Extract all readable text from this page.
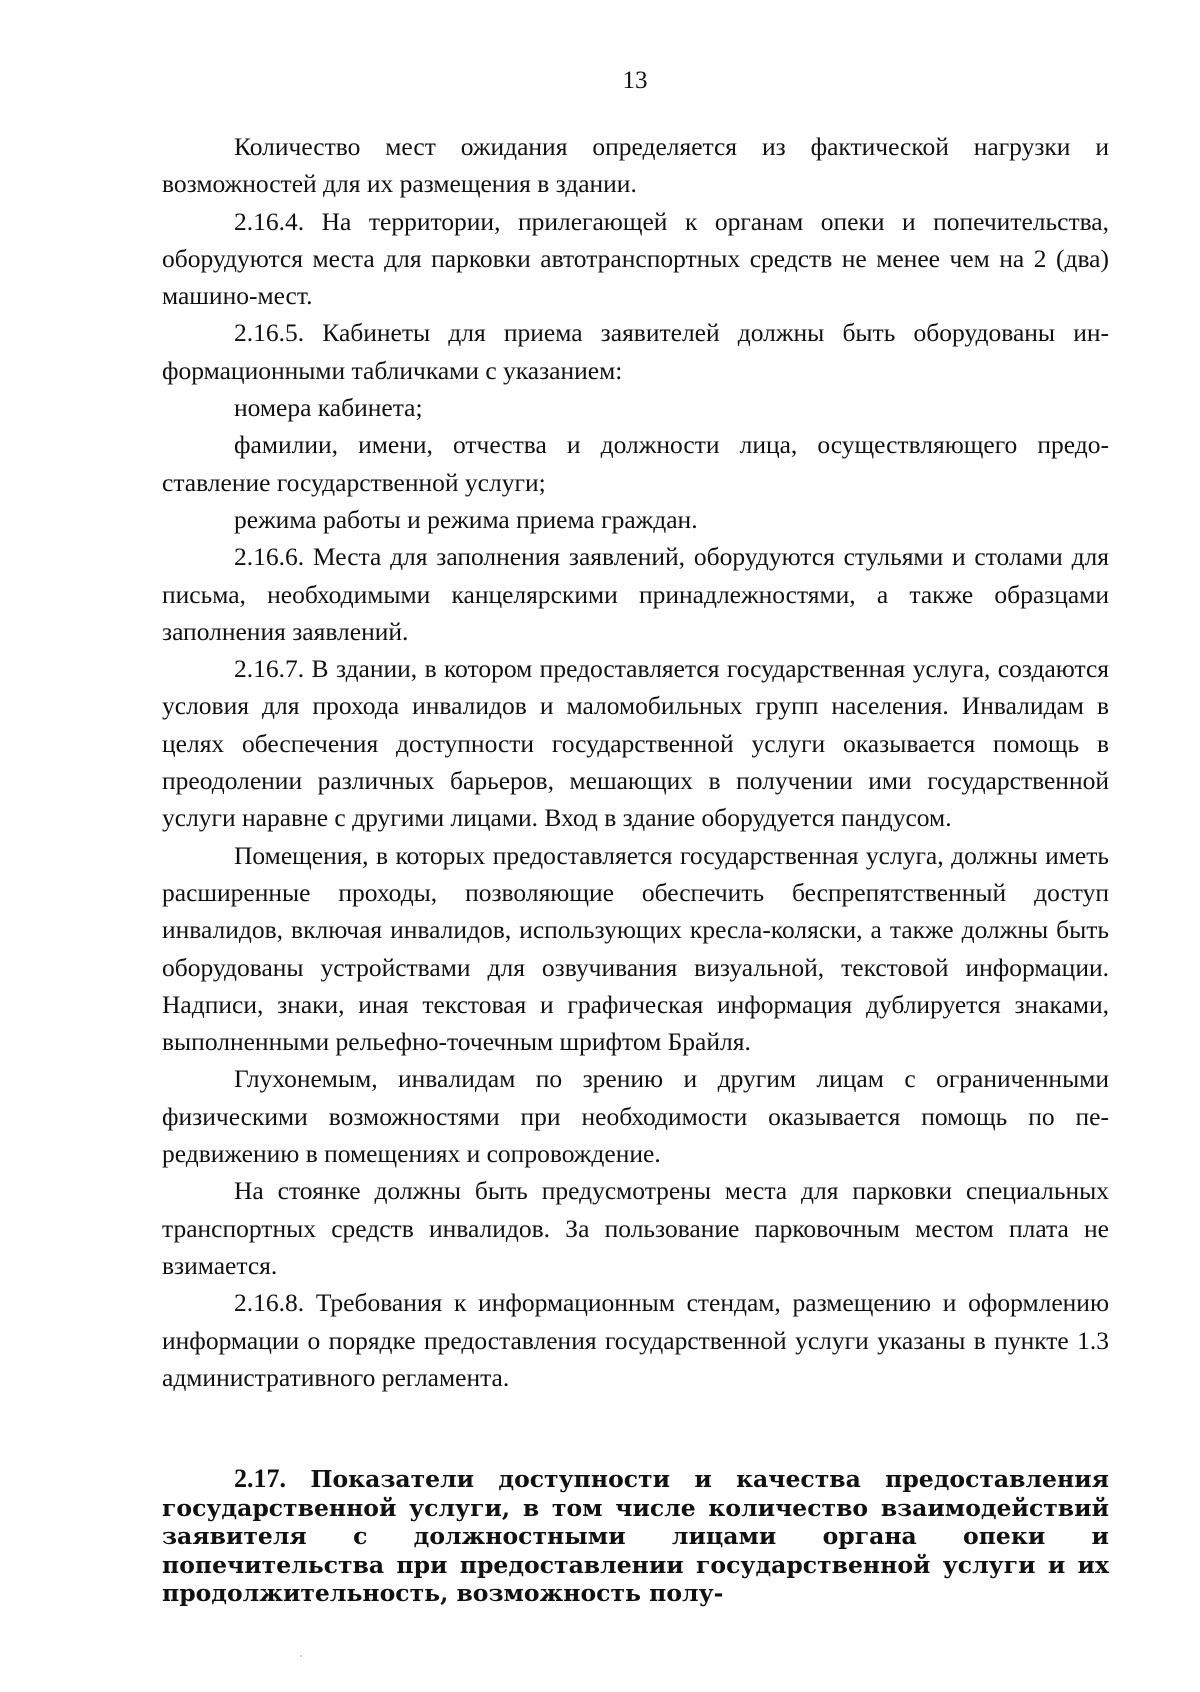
13

Количество мест ожидания определяется из фактической нагрузки и возможностей для их размещения в здании.

2.16.4. На территории, прилегающей к органам опеки и попечительства, оборудуются места для парковки автотранспортных средств не менее чем на 2 (два) машино-мест.

2.16.5. Кабинеты для приема заявителей должны быть оборудованы информационными табличками с указанием:

номера кабинета;

фамилии, имени, отчества и должности лица, осуществляющего предоставление государственной услуги;

режима работы и режима приема граждан.

2.16.6. Места для заполнения заявлений, оборудуются стульями и столами для письма, необходимыми канцелярскими принадлежностями, а также образцами заполнения заявлений.

2.16.7. В здании, в котором предоставляется государственная услуга, создаются условия для прохода инвалидов и маломобильных групп населения. Инвалидам в целях обеспечения доступности государственной услуги оказывается помощь в преодолении различных барьеров, мешающих в получении ими государственной услуги наравне с другими лицами. Вход в здание оборудуется пандусом.

Помещения, в которых предоставляется государственная услуга, должны иметь расширенные проходы, позволяющие обеспечить беспрепятственный доступ инвалидов, включая инвалидов, использующих кресла-коляски, а также должны быть оборудованы устройствами для озвучивания визуальной, текстовой информации. Надписи, знаки, иная текстовая и графическая информация дублируется знаками, выполненными рельефно-точечным шрифтом Брайля.

Глухонемым, инвалидам по зрению и другим лицам с ограниченными физическими возможностями при необходимости оказывается помощь по передвижению в помещениях и сопровождение.

На стоянке должны быть предусмотрены места для парковки специальных транспортных средств инвалидов. За пользование парковочным местом плата не взимается.

2.16.8. Требования к информационным стендам, размещению и оформлению информации о порядке предоставления государственной услуги указаны в пункте 1.3 административного регламента.

2.17. Показатели доступности и качества предоставления государственной услуги, в том числе количество взаимодействий заявителя с должностными лицами органа опеки и попечительства при предоставлении государственной услуги и их продолжительность, возможность полу-
